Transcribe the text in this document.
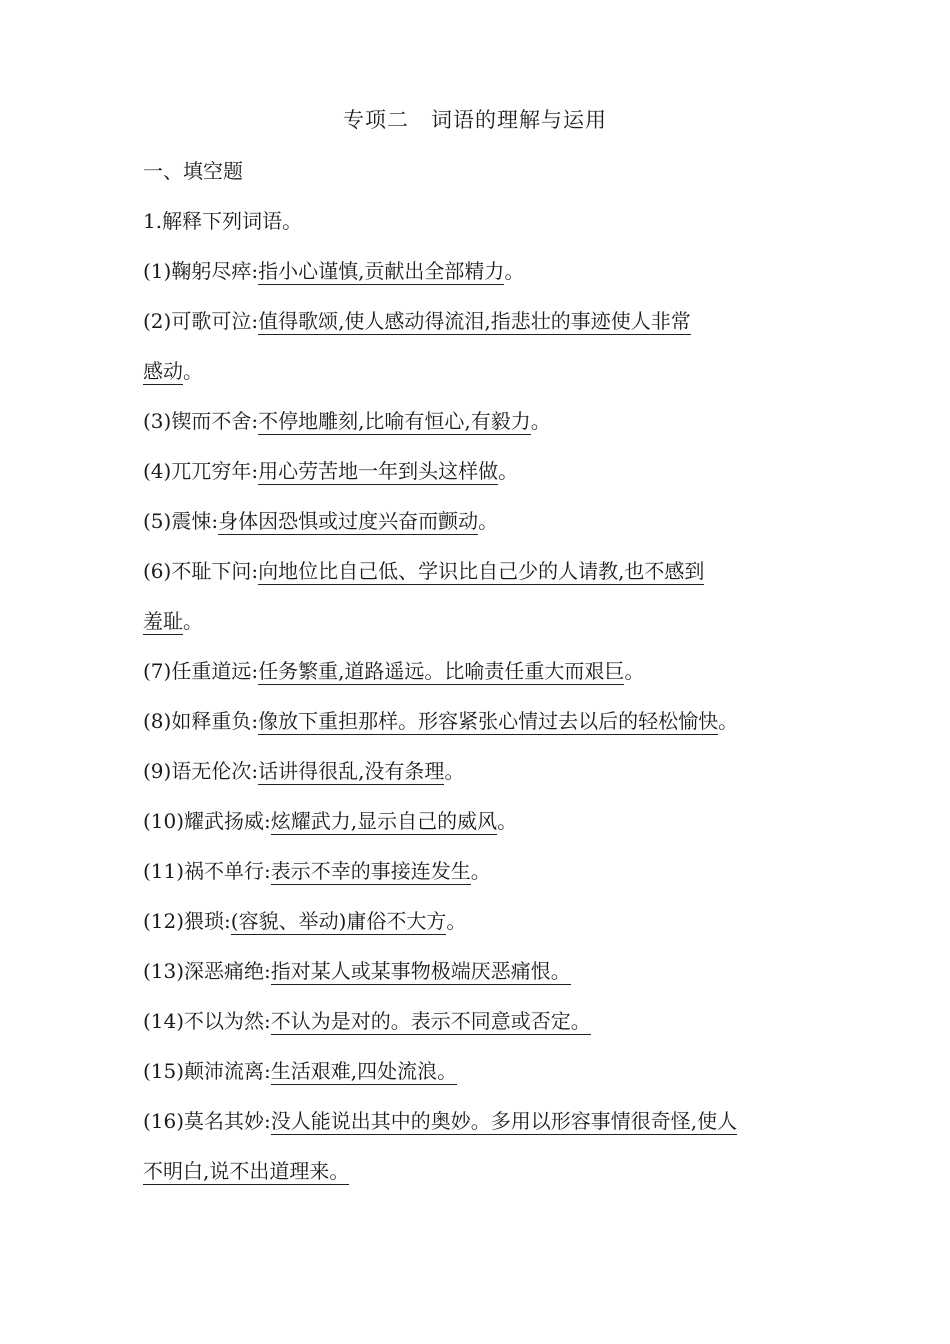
专项二　词语的理解与运用
一、填空题
1.解释下列词语。
(1)鞠躬尽瘁:指小心谨慎,贡献出全部精力。
(2)可歌可泣:值得歌颂,使人感动得流泪,指悲壮的事迹使人非常
感动。
(3)锲而不舍:不停地雕刻,比喻有恒心,有毅力。
(4)兀兀穷年:用心劳苦地一年到头这样做。
(5)震悚:身体因恐惧或过度兴奋而颤动。
(6)不耻下问:向地位比自己低、学识比自己少的人请教,也不感到
羞耻。
(7)任重道远:任务繁重,道路遥远。比喻责任重大而艰巨。
(8)如释重负:像放下重担那样。形容紧张心情过去以后的轻松愉快。
(9)语无伦次:话讲得很乱,没有条理。
(10)耀武扬威:炫耀武力,显示自己的威风。
(11)祸不单行:表示不幸的事接连发生。
(12)猥琐:(容貌、举动)庸俗不大方。
(13)深恶痛绝:指对某人或某事物极端厌恶痛恨。
(14)不以为然:不认为是对的。表示不同意或否定。
(15)颠沛流离:生活艰难,四处流浪。
(16)莫名其妙:没人能说出其中的奥妙。多用以形容事情很奇怪,使人
不明白,说不出道理来。
